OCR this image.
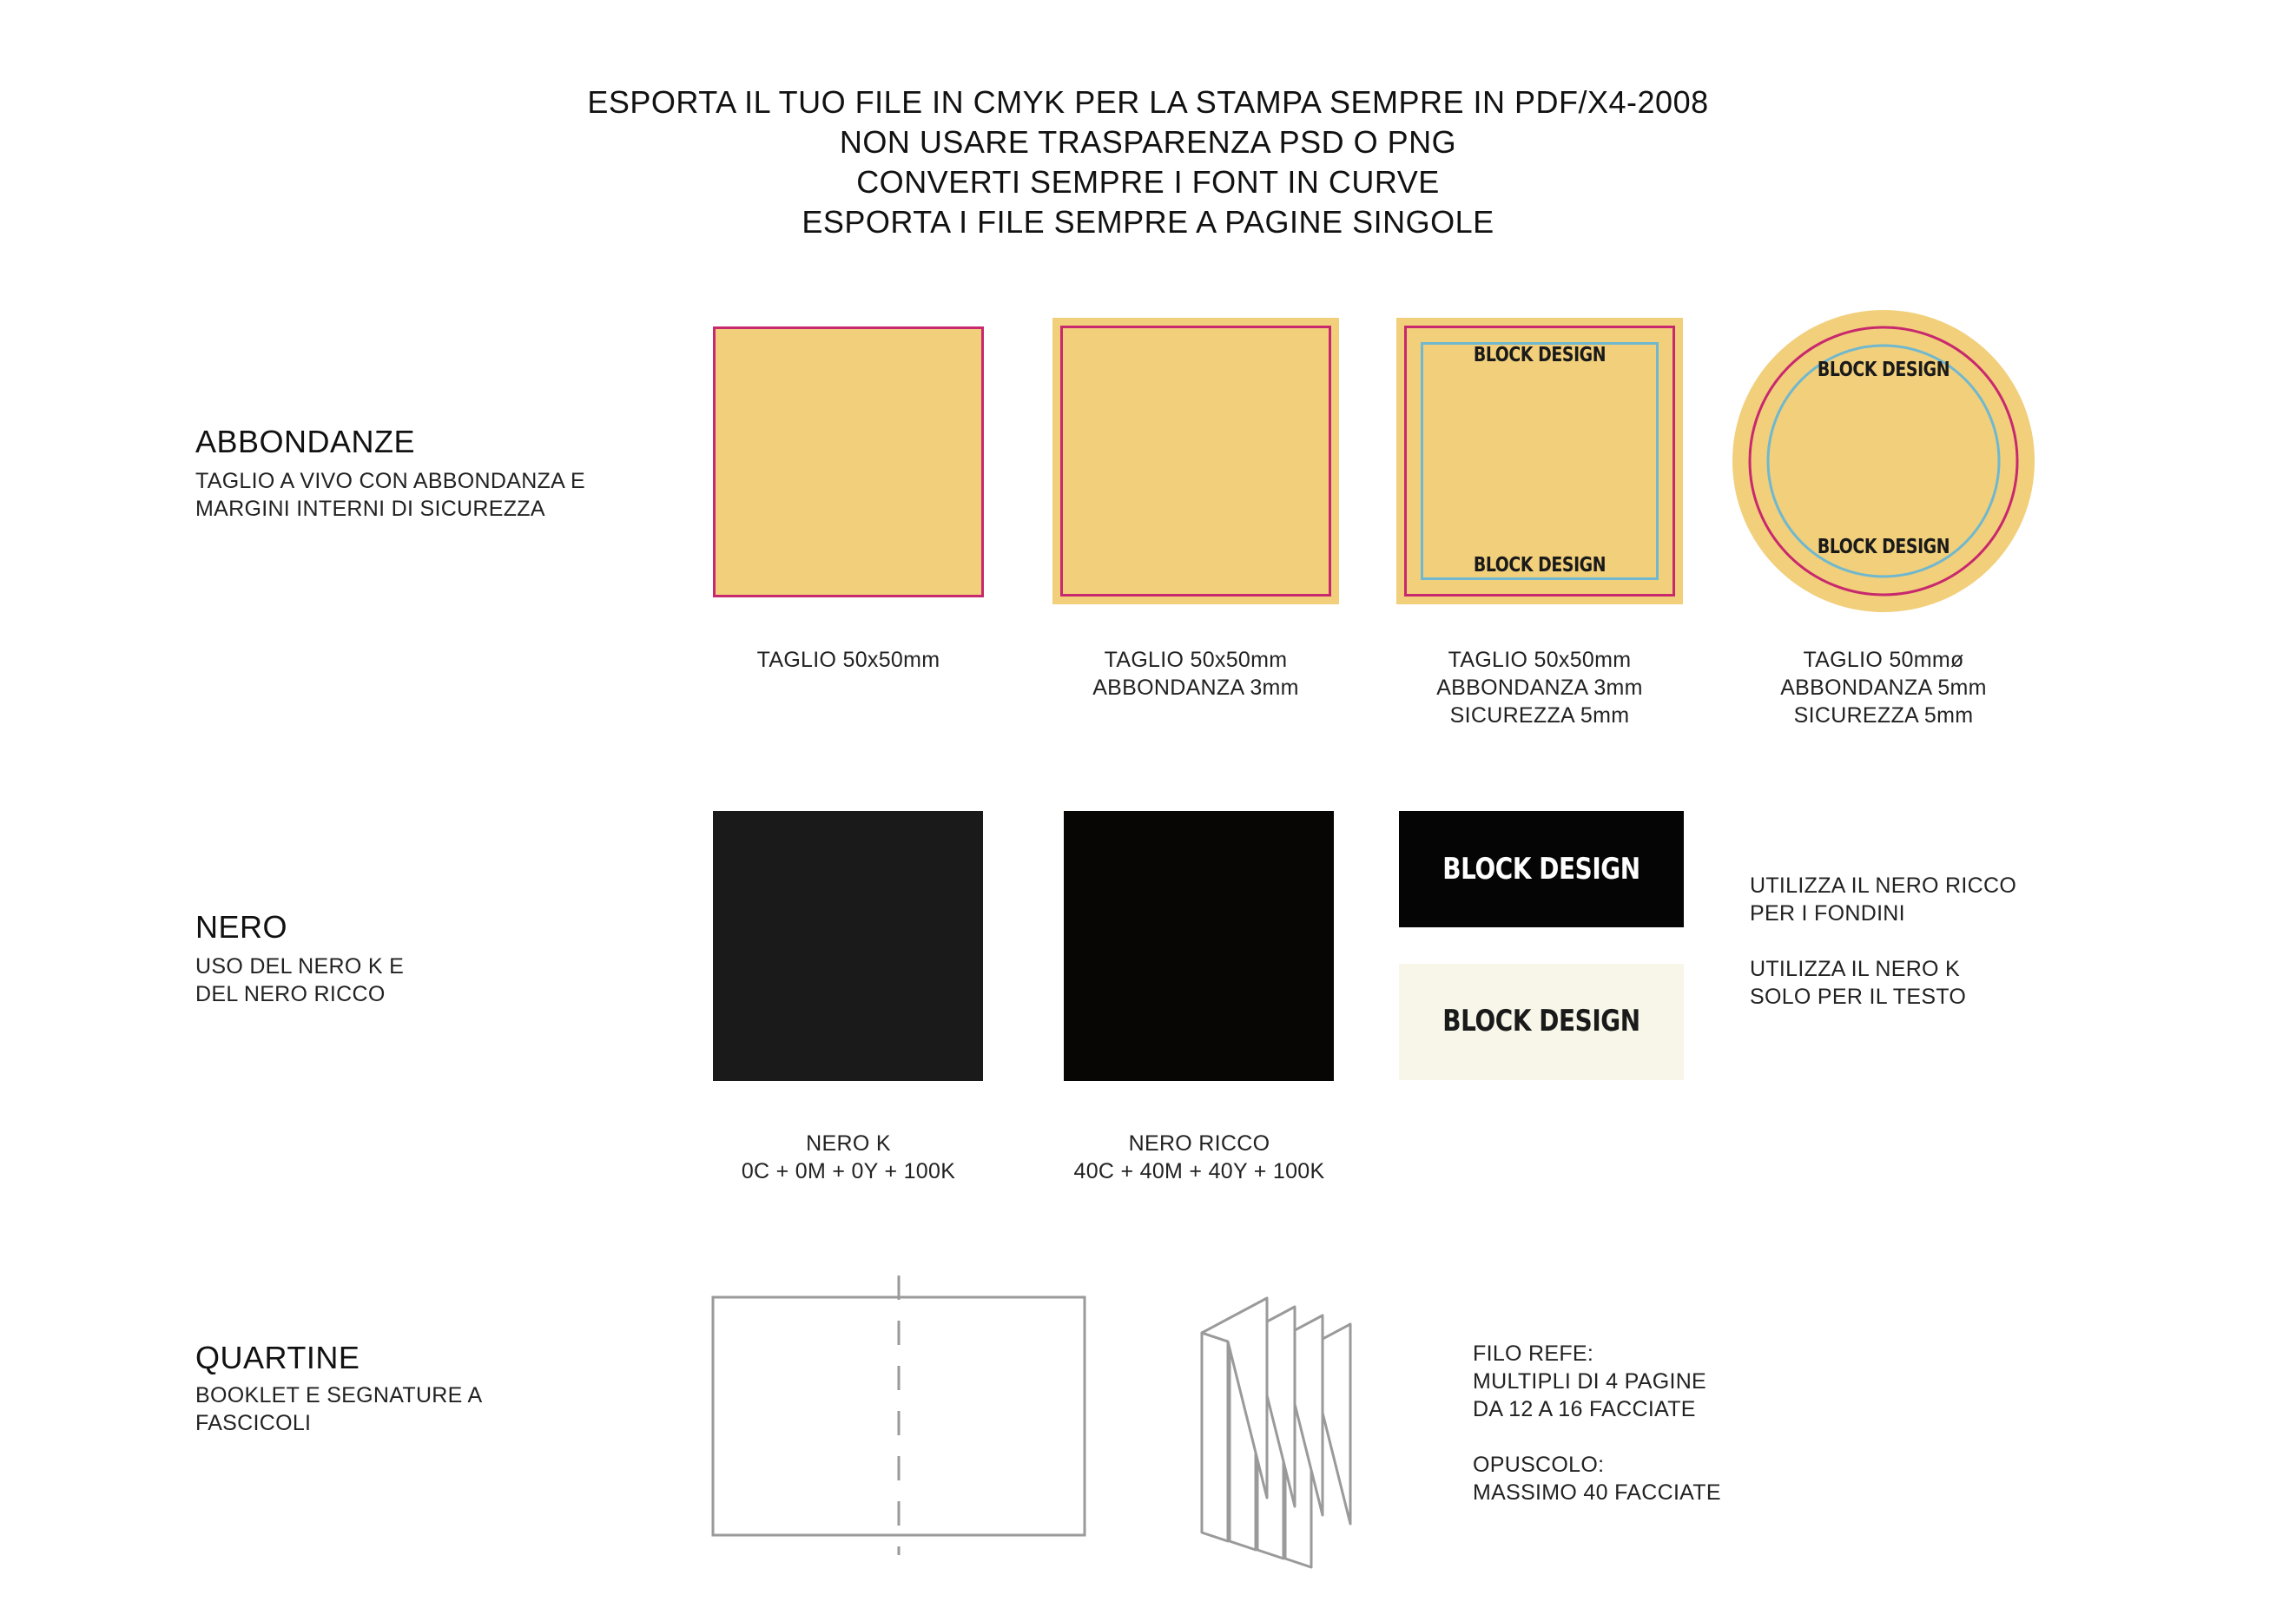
ESPORTA IL TUO FILE IN CMYK PER LA STAMPA SEMPRE IN PDF/X4-2008
NON USARE TRASPARENZA PSD O PNG
CONVERTI SEMPRE I FONT IN CURVE
ESPORTA I FILE SEMPRE A PAGINE SINGOLE
ABBONDANZE
TAGLIO A VIVO CON ABBONDANZA E
MARGINI INTERNI DI SICUREZZA
BLOCK DESIGN
BLOCK DESIGN
BLOCK DESIGN
BLOCK DESIGN
TAGLIO 50x50mm	TAGLIO 50x50mm
ABBONDANZA 3mm
TAGLIO 50x50mm
ABBONDANZA 3mm
SICUREZZA 5mm
TAGLIO 50mmø
ABBONDANZA 5mm
SICUREZZA 5mm
NERO
USO DEL NERO K E
DEL NERO RICCO
BLOCK DESIGN
BLOCK DESIGN
UTILIZZA IL NERO RICCO
PER I FONDINI
UTILIZZA IL NERO K
SOLO PER IL TESTO
NERO K
0C + 0M + 0Y + 100K
NERO RICCO
40C + 40M + 40Y + 100K
QUARTINE
BOOKLET E SEGNATURE A
FASCICOLI
FILO REFE:
MULTIPLI DI 4 PAGINE
DA 12 A 16 FACCIATE
OPUSCOLO:
MASSIMO 40 FACCIATE
